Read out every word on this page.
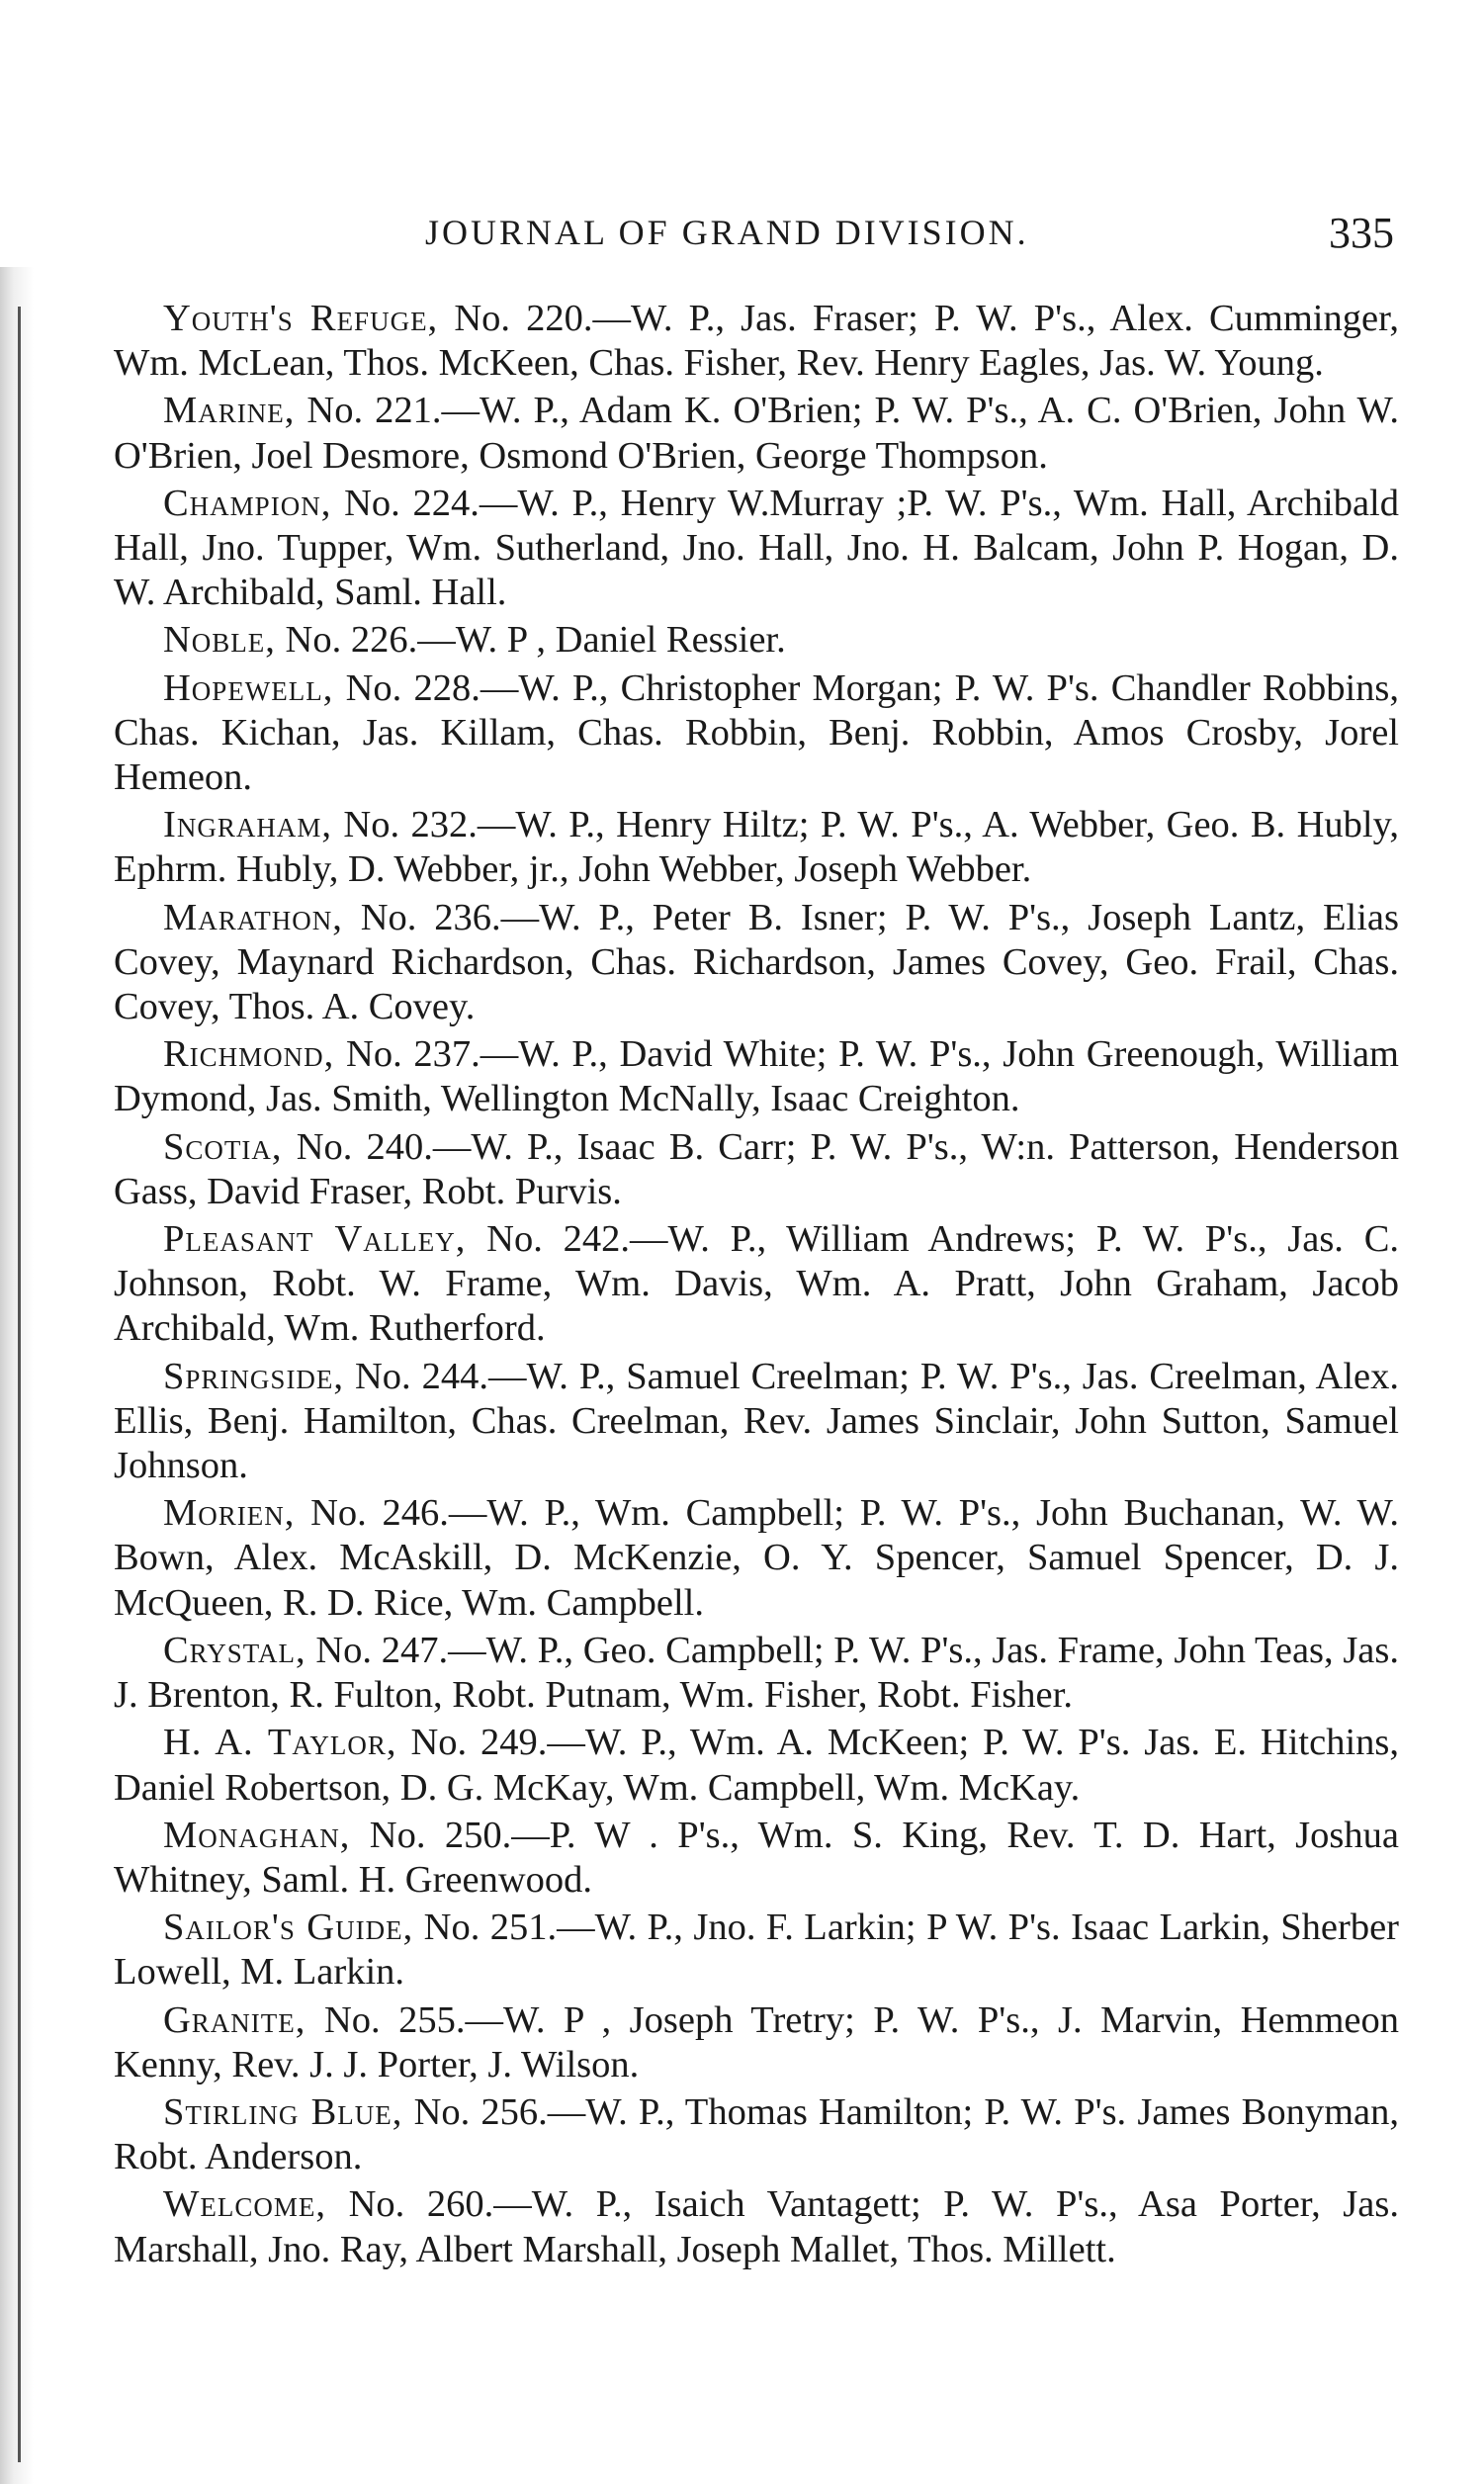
JOURNAL OF GRAND DIVISION.	335

Youth's Refuge, No. 220.—W. P., Jas. Fraser; P. W. P's., Alex. Cumminger, Wm. McLean, Thos. McKeen, Chas. Fisher, Rev. Henry Eagles, Jas. W. Young.

Marine, No. 221.—W. P., Adam K. O'Brien; P. W. P's., A. C. O'Brien, John W. O'Brien, Joel Desmore, Osmond O'Brien, George Thompson.

Champion, No. 224.—W. P., Henry W.Murray ;P. W. P's., Wm. Hall, Archibald Hall, Jno. Tupper, Wm. Sutherland, Jno. Hall, Jno. H. Balcam, John P. Hogan, D. W. Archibald, Saml. Hall.

Noble, No. 226.—W. P , Daniel Ressier.

Hopewell, No. 228.—W. P., Christopher Morgan; P. W. P's. Chandler Robbins, Chas. Kichan, Jas. Killam, Chas. Robbin, Benj. Robbin, Amos Crosby, Jorel Hemeon.

Ingraham, No. 232.—W. P., Henry Hiltz; P. W. P's., A. Webber, Geo. B. Hubly, Ephrm. Hubly, D. Webber, jr., John Webber, Joseph Webber.

Marathon, No. 236.—W. P., Peter B. Isner; P. W. P's., Joseph Lantz, Elias Covey, Maynard Richardson, Chas. Richardson, James Covey, Geo. Frail, Chas. Covey, Thos. A. Covey.

Richmond, No. 237.—W. P., David White; P. W. P's., John Greenough, William Dymond, Jas. Smith, Wellington McNally, Isaac Creighton.

Scotia, No. 240.—W. P., Isaac B. Carr; P. W. P's., W:n. Patterson, Henderson Gass, David Fraser, Robt. Purvis.

Pleasant Valley, No. 242.—W. P., William Andrews; P. W. P's., Jas. C. Johnson, Robt. W. Frame, Wm. Davis, Wm. A. Pratt, John Graham, Jacob Archibald, Wm. Rutherford.

Springside, No. 244.—W. P., Samuel Creelman; P. W. P's., Jas. Creelman, Alex. Ellis, Benj. Hamilton, Chas. Creelman, Rev. James Sinclair, John Sutton, Samuel Johnson.

Morien, No. 246.—W. P., Wm. Campbell; P. W. P's., John Buchanan, W. W. Bown, Alex. McAskill, D. McKenzie, O. Y. Spencer, Samuel Spencer, D. J. McQueen, R. D. Rice, Wm. Campbell.

Crystal, No. 247.—W. P., Geo. Campbell; P. W. P's., Jas. Frame, John Teas, Jas. J. Brenton, R. Fulton, Robt. Putnam, Wm. Fisher, Robt. Fisher.

H. A. Taylor, No. 249.—W. P., Wm. A. McKeen; P. W. P's. Jas. E. Hitchins, Daniel Robertson, D. G. McKay, Wm. Campbell, Wm. McKay.

Monaghan, No. 250.—P. W . P's., Wm. S. King, Rev. T. D. Hart, Joshua Whitney, Saml. H. Greenwood.

Sailor's Guide, No. 251.—W. P., Jno. F. Larkin; P W. P's. Isaac Larkin, Sherber Lowell, M. Larkin.

Granite, No. 255.—W. P , Joseph Tretry; P. W. P's., J. Marvin, Hemmeon Kenny, Rev. J. J. Porter, J. Wilson.

Stirling Blue, No. 256.—W. P., Thomas Hamilton; P. W. P's. James Bonyman, Robt. Anderson.

Welcome, No. 260.—W. P., Isaich Vantagett; P. W. P's., Asa Porter, Jas. Marshall, Jno. Ray, Albert Marshall, Joseph Mallet, Thos. Millett.
